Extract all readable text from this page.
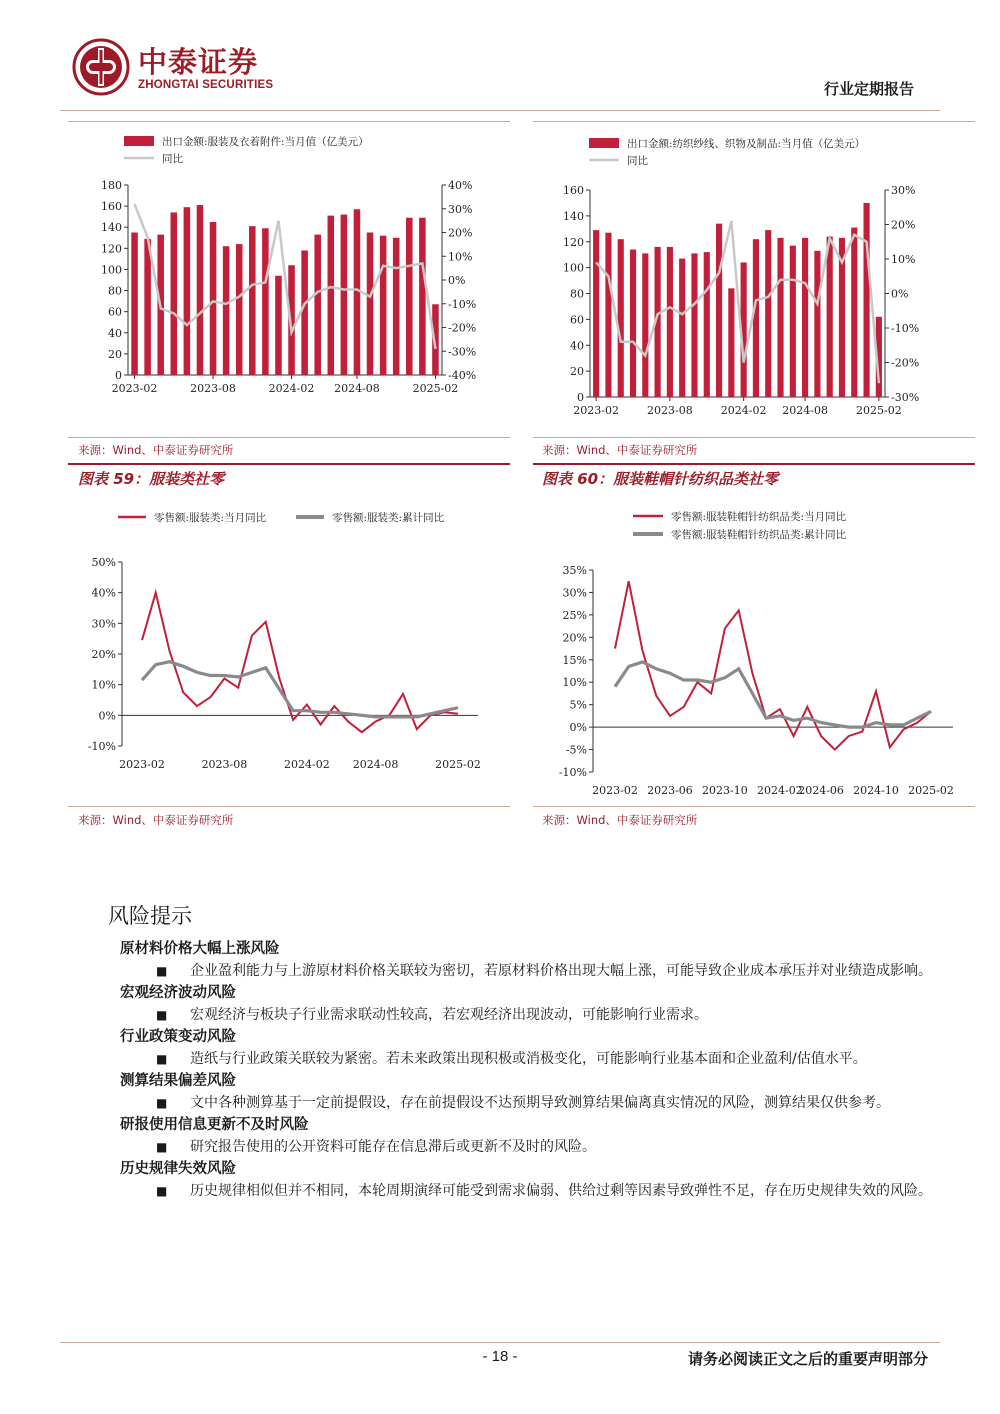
中泰证券
ZHONGTAI SECURITIES	行业定期报告
出口金额:服装及衣着附件:当月值（亿美元）
同比
180
160
140
120
100
80
60
40
20
0
40%
30%
20%
10%
0%
-10%
-20%
-30%
-40%
2023-02	2023-08	2024-02 2024-08	2025-02
出口金额:纺织纱线、织物及制品:当月值（亿美元）
同比
160
140
120
100
80
60
40
20
0
30%
20%
10%
0%
-10%
-20%
-30%
2023-02	2023-08	2024-02 2024-08	2025-02
来源：Wind、中泰证券研究所	来源：Wind、中泰证券研究所
图表 59：服装类社零	图表 60：服装鞋帽针纺织品类社零
零售额:服装类:当月同比	零售额:服装类:累计同比
50%
40%
30%
20%
10%
0%
-10%
2023-02	2023-08	2024-02 2024-08	2025-02
零售额:服装鞋帽针纺织品类:当月同比
零售额:服装鞋帽针纺织品类:累计同比
35%
30%
25%
20%
15%
10%
5%
0%
-5%
-10%
2023-02 2023-06 2023-10 2024-02
2024-06 2024-10 2025-02
来源：Wind、中泰证券研究所	来源：Wind、中泰证券研究所
风险提示
原材料价格大幅上涨风险
■	企业盈利能力与上游原材料价格关联较为密切，若原材料价格出现大幅上涨，可能导致企业成本承压并对业绩造成影响。
宏观经济波动风险
■	宏观经济与板块子行业需求联动性较高，若宏观经济出现波动，可能影响行业需求。
行业政策变动风险
■	造纸与行业政策关联较为紧密。若未来政策出现积极或消极变化，可能影响行业基本面和企业盈利/估值水平。
测算结果偏差风险
■	文中各种测算基于一定前提假设，存在前提假设不达预期导致测算结果偏离真实情况的风险，测算结果仅供参考。
研报使用信息更新不及时风险
■	研究报告使用的公开资料可能存在信息滞后或更新不及时的风险。
历史规律失效风险
■	历史规律相似但并不相同，本轮周期演绎可能受到需求偏弱、供给过剩等因素导致弹性不足，存在历史规律失效的风险。
- 18 -	请务必阅读正文之后的重要声明部分
